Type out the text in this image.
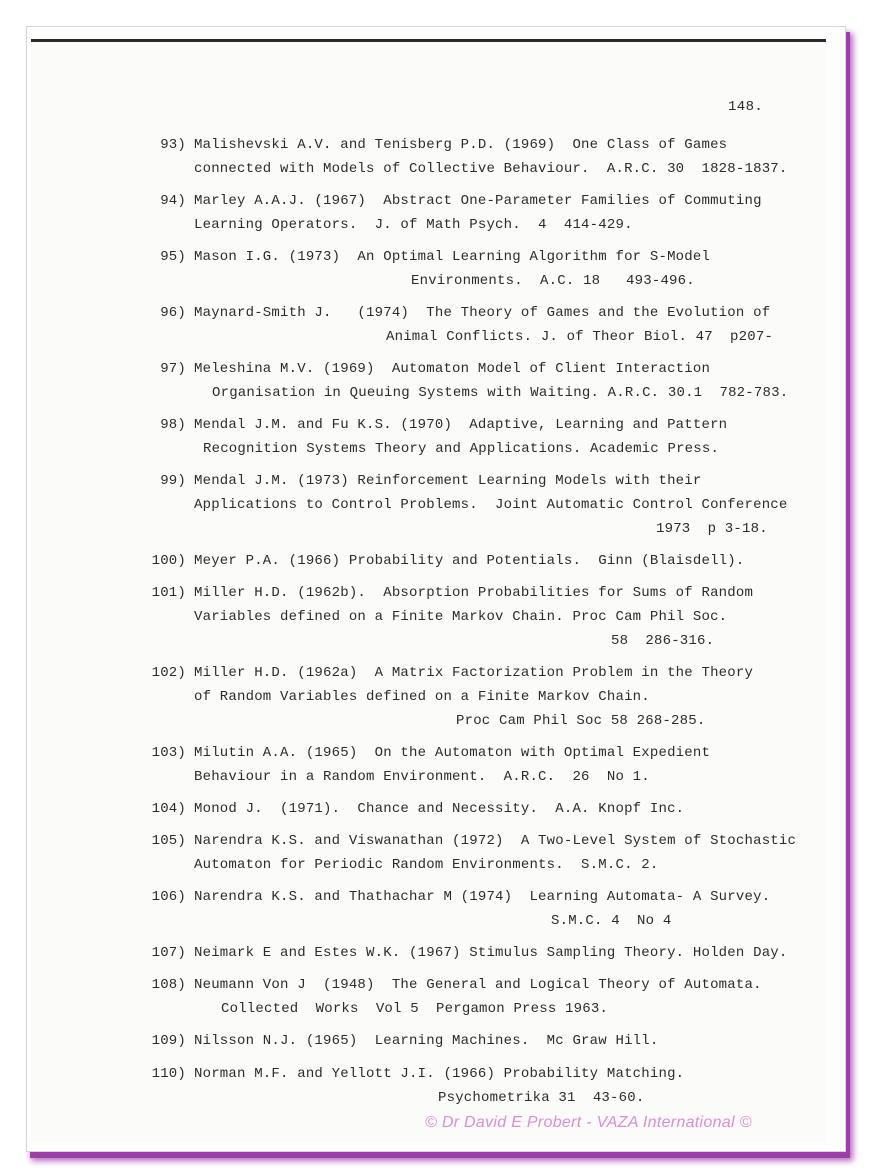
148.
93) Malishevski A.V. and Tenisberg P.D. (1969)  One Class of Games
connected with Models of Collective Behaviour.  A.R.C. 30  1828-1837.
94) Marley A.A.J. (1967)  Abstract One-Parameter Families of Commuting
Learning Operators.  J. of Math Psych.  4  414-429.
95) Mason I.G. (1973)  An Optimal Learning Algorithm for S-Model
Environments.  A.C. 18   493-496.
96) Maynard-Smith J.   (1974)  The Theory of Games and the Evolution of
Animal Conflicts. J. of Theor Biol. 47  p207-
97) Meleshina M.V. (1969)  Automaton Model of Client Interaction
Organisation in Queuing Systems with Waiting. A.R.C. 30.1  782-783.
98) Mendal J.M. and Fu K.S. (1970)  Adaptive, Learning and Pattern
Recognition Systems Theory and Applications. Academic Press.
99) Mendal J.M. (1973) Reinforcement Learning Models with their
Applications to Control Problems.  Joint Automatic Control Conference
1973  p 3-18.
100) Meyer P.A. (1966) Probability and Potentials.  Ginn (Blaisdell).
101) Miller H.D. (1962b).  Absorption Probabilities for Sums of Random
Variables defined on a Finite Markov Chain. Proc Cam Phil Soc.
58  286-316.
102) Miller H.D. (1962a)  A Matrix Factorization Problem in the Theory
of Random Variables defined on a Finite Markov Chain.
Proc Cam Phil Soc 58 268-285.
103) Milutin A.A. (1965)  On the Automaton with Optimal Expedient
Behaviour in a Random Environment.  A.R.C.  26  No 1.
104) Monod J.  (1971).  Chance and Necessity.  A.A. Knopf Inc.
105) Narendra K.S. and Viswanathan (1972)  A Two-Level System of Stochastic
Automaton for Periodic Random Environments.  S.M.C. 2.
106) Narendra K.S. and Thathachar M (1974)  Learning Automata- A Survey.
S.M.C. 4  No 4
107) Neimark E and Estes W.K. (1967) Stimulus Sampling Theory. Holden Day.
108) Neumann Von J  (1948)  The General and Logical Theory of Automata.
Collected  Works  Vol 5  Pergamon Press 1963.
109) Nilsson N.J. (1965)  Learning Machines.  Mc Graw Hill.
110) Norman M.F. and Yellott J.I. (1966) Probability Matching.
Psychometrika 31  43-60.
© Dr David E Probert - VAZA International ©
